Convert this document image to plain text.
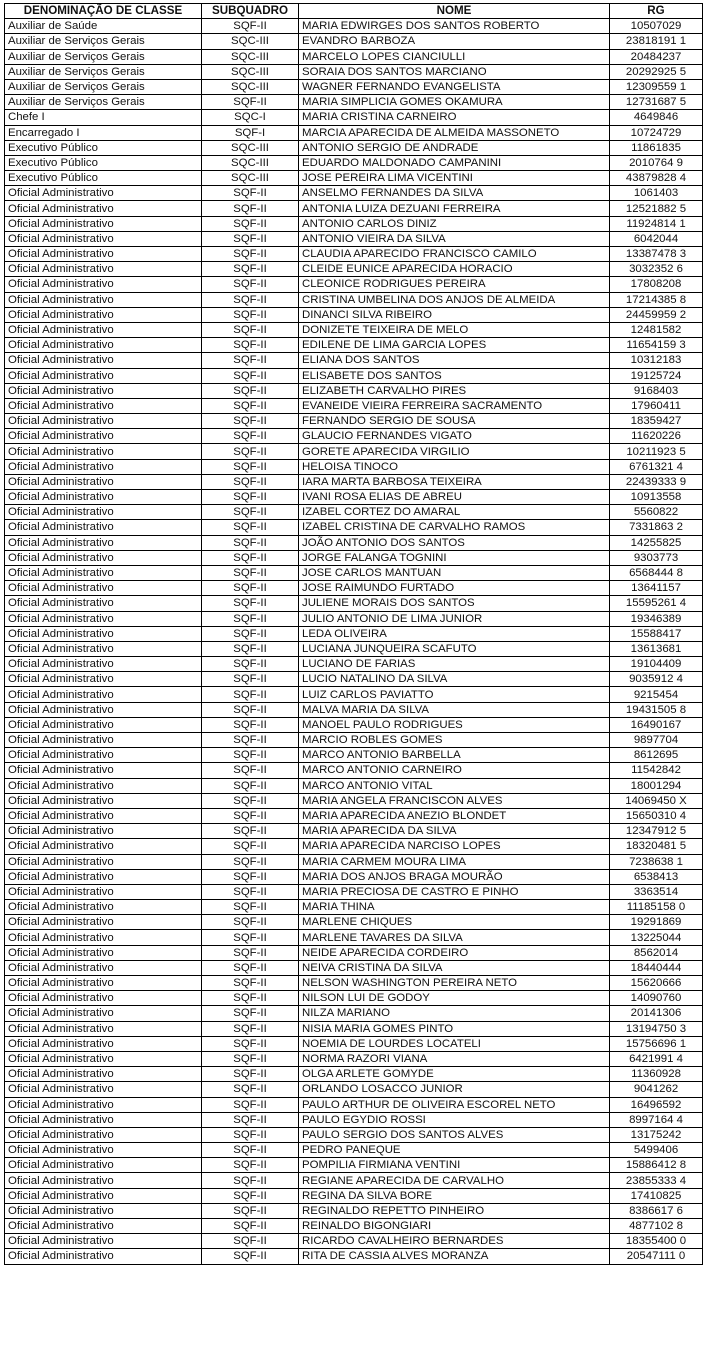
DENOMINAÇÃO DE CLASSE	SUBQUADRO	NOME	RG
Auxiliar de Saúde	SQF-II	MARIA EDWIRGES DOS SANTOS ROBERTO	10507029
Auxiliar de Serviços Gerais	SQC-III	EVANDRO BARBOZA	23818191 1
Auxiliar de Serviços Gerais	SQC-III	MARCELO LOPES CIANCIULLI	20484237
Auxiliar de Serviços Gerais	SQC-III	SORAIA DOS SANTOS MARCIANO	20292925 5
Auxiliar de Serviços Gerais	SQC-III	WAGNER FERNANDO EVANGELISTA	12309559 1
Auxiliar de Serviços Gerais	SQF-II	MARIA SIMPLICIA GOMES OKAMURA	12731687 5
Chefe I	SQC-I	MARIA CRISTINA CARNEIRO	4649846
Encarregado I	SQF-I	MARCIA APARECIDA DE ALMEIDA MASSONETO	10724729
Executivo Público	SQC-III	ANTONIO SERGIO DE ANDRADE	11861835
Executivo Público	SQC-III	EDUARDO MALDONADO CAMPANINI	2010764 9
Executivo Público	SQC-III	JOSE PEREIRA LIMA VICENTINI	43879828 4
Oficial Administrativo	SQF-II	ANSELMO FERNANDES DA SILVA	1061403
Oficial Administrativo	SQF-II	ANTONIA LUIZA DEZUANI FERREIRA	12521882 5
Oficial Administrativo	SQF-II	ANTONIO CARLOS DINIZ	11924814 1
Oficial Administrativo	SQF-II	ANTONIO VIEIRA DA SILVA	6042044
Oficial Administrativo	SQF-II	CLAUDIA APARECIDO FRANCISCO CAMILO	13387478 3
Oficial Administrativo	SQF-II	CLEIDE EUNICE APARECIDA HORACIO	3032352 6
Oficial Administrativo	SQF-II	CLEONICE RODRIGUES PEREIRA	17808208
Oficial Administrativo	SQF-II	CRISTINA UMBELINA DOS ANJOS DE ALMEIDA	17214385 8
Oficial Administrativo	SQF-II	DINANCI SILVA RIBEIRO	24459959 2
Oficial Administrativo	SQF-II	DONIZETE TEIXEIRA DE MELO	12481582
Oficial Administrativo	SQF-II	EDILENE DE LIMA GARCIA LOPES	11654159 3
Oficial Administrativo	SQF-II	ELIANA DOS SANTOS	10312183
Oficial Administrativo	SQF-II	ELISABETE DOS SANTOS	19125724
Oficial Administrativo	SQF-II	ELIZABETH CARVALHO PIRES	9168403
Oficial Administrativo	SQF-II	EVANEIDE VIEIRA FERREIRA SACRAMENTO	17960411
Oficial Administrativo	SQF-II	FERNANDO SERGIO DE SOUSA	18359427
Oficial Administrativo	SQF-II	GLAUCIO FERNANDES VIGATO	11620226
Oficial Administrativo	SQF-II	GORETE APARECIDA VIRGILIO	10211923 5
Oficial Administrativo	SQF-II	HELOISA TINOCO	6761321 4
Oficial Administrativo	SQF-II	IARA MARTA BARBOSA TEIXEIRA	22439333 9
Oficial Administrativo	SQF-II	IVANI ROSA ELIAS DE ABREU	10913558
Oficial Administrativo	SQF-II	IZABEL CORTEZ DO AMARAL	5560822
Oficial Administrativo	SQF-II	IZABEL CRISTINA DE CARVALHO RAMOS	7331863 2
Oficial Administrativo	SQF-II	JOÃO ANTONIO DOS SANTOS	14255825
Oficial Administrativo	SQF-II	JORGE FALANGA TOGNINI	9303773
Oficial Administrativo	SQF-II	JOSE CARLOS MANTUAN	6568444 8
Oficial Administrativo	SQF-II	JOSE RAIMUNDO FURTADO	13641157
Oficial Administrativo	SQF-II	JULIENE MORAIS DOS SANTOS	15595261 4
Oficial Administrativo	SQF-II	JULIO ANTONIO DE LIMA JUNIOR	19346389
Oficial Administrativo	SQF-II	LEDA OLIVEIRA	15588417
Oficial Administrativo	SQF-II	LUCIANA JUNQUEIRA SCAFUTO	13613681
Oficial Administrativo	SQF-II	LUCIANO DE FARIAS	19104409
Oficial Administrativo	SQF-II	LUCIO NATALINO DA SILVA	9035912 4
Oficial Administrativo	SQF-II	LUIZ CARLOS PAVIATTO	9215454
Oficial Administrativo	SQF-II	MALVA MARIA DA SILVA	19431505 8
Oficial Administrativo	SQF-II	MANOEL PAULO RODRIGUES	16490167
Oficial Administrativo	SQF-II	MARCIO ROBLES GOMES	9897704
Oficial Administrativo	SQF-II	MARCO ANTONIO BARBELLA	8612695
Oficial Administrativo	SQF-II	MARCO ANTONIO CARNEIRO	11542842
Oficial Administrativo	SQF-II	MARCO ANTONIO VITAL	18001294
Oficial Administrativo	SQF-II	MARIA ANGELA FRANCISCON ALVES	14069450 X
Oficial Administrativo	SQF-II	MARIA APARECIDA ANEZIO BLONDET	15650310 4
Oficial Administrativo	SQF-II	MARIA APARECIDA DA SILVA	12347912 5
Oficial Administrativo	SQF-II	MARIA APARECIDA NARCISO LOPES	18320481 5
Oficial Administrativo	SQF-II	MARIA CARMEM MOURA LIMA	7238638 1
Oficial Administrativo	SQF-II	MARIA DOS ANJOS BRAGA MOURÃO	6538413
Oficial Administrativo	SQF-II	MARIA PRECIOSA DE CASTRO E PINHO	3363514
Oficial Administrativo	SQF-II	MARIA THINA	11185158 0
Oficial Administrativo	SQF-II	MARLENE CHIQUES	19291869
Oficial Administrativo	SQF-II	MARLENE TAVARES DA SILVA	13225044
Oficial Administrativo	SQF-II	NEIDE APARECIDA CORDEIRO	8562014
Oficial Administrativo	SQF-II	NEIVA CRISTINA DA SILVA	18440444
Oficial Administrativo	SQF-II	NELSON WASHINGTON PEREIRA NETO	15620666
Oficial Administrativo	SQF-II	NILSON LUI DE GODOY	14090760
Oficial Administrativo	SQF-II	NILZA MARIANO	20141306
Oficial Administrativo	SQF-II	NISIA MARIA GOMES PINTO	13194750 3
Oficial Administrativo	SQF-II	NOEMIA DE LOURDES LOCATELI	15756696 1
Oficial Administrativo	SQF-II	NORMA RAZORI VIANA	6421991 4
Oficial Administrativo	SQF-II	OLGA ARLETE GOMYDE	11360928
Oficial Administrativo	SQF-II	ORLANDO LOSACCO JUNIOR	9041262
Oficial Administrativo	SQF-II	PAULO ARTHUR DE OLIVEIRA ESCOREL NETO	16496592
Oficial Administrativo	SQF-II	PAULO EGYDIO ROSSI	8997164 4
Oficial Administrativo	SQF-II	PAULO SERGIO DOS SANTOS ALVES	13175242
Oficial Administrativo	SQF-II	PEDRO PANEQUE	5499406
Oficial Administrativo	SQF-II	POMPILIA FIRMIANA VENTINI	15886412 8
Oficial Administrativo	SQF-II	REGIANE APARECIDA DE CARVALHO	23855333 4
Oficial Administrativo	SQF-II	REGINA DA SILVA BORE	17410825
Oficial Administrativo	SQF-II	REGINALDO REPETTO PINHEIRO	8386617 6
Oficial Administrativo	SQF-II	REINALDO BIGONGIARI	4877102 8
Oficial Administrativo	SQF-II	RICARDO CAVALHEIRO BERNARDES	18355400 0
Oficial Administrativo	SQF-II	RITA DE CASSIA ALVES MORANZA	20547111 0
